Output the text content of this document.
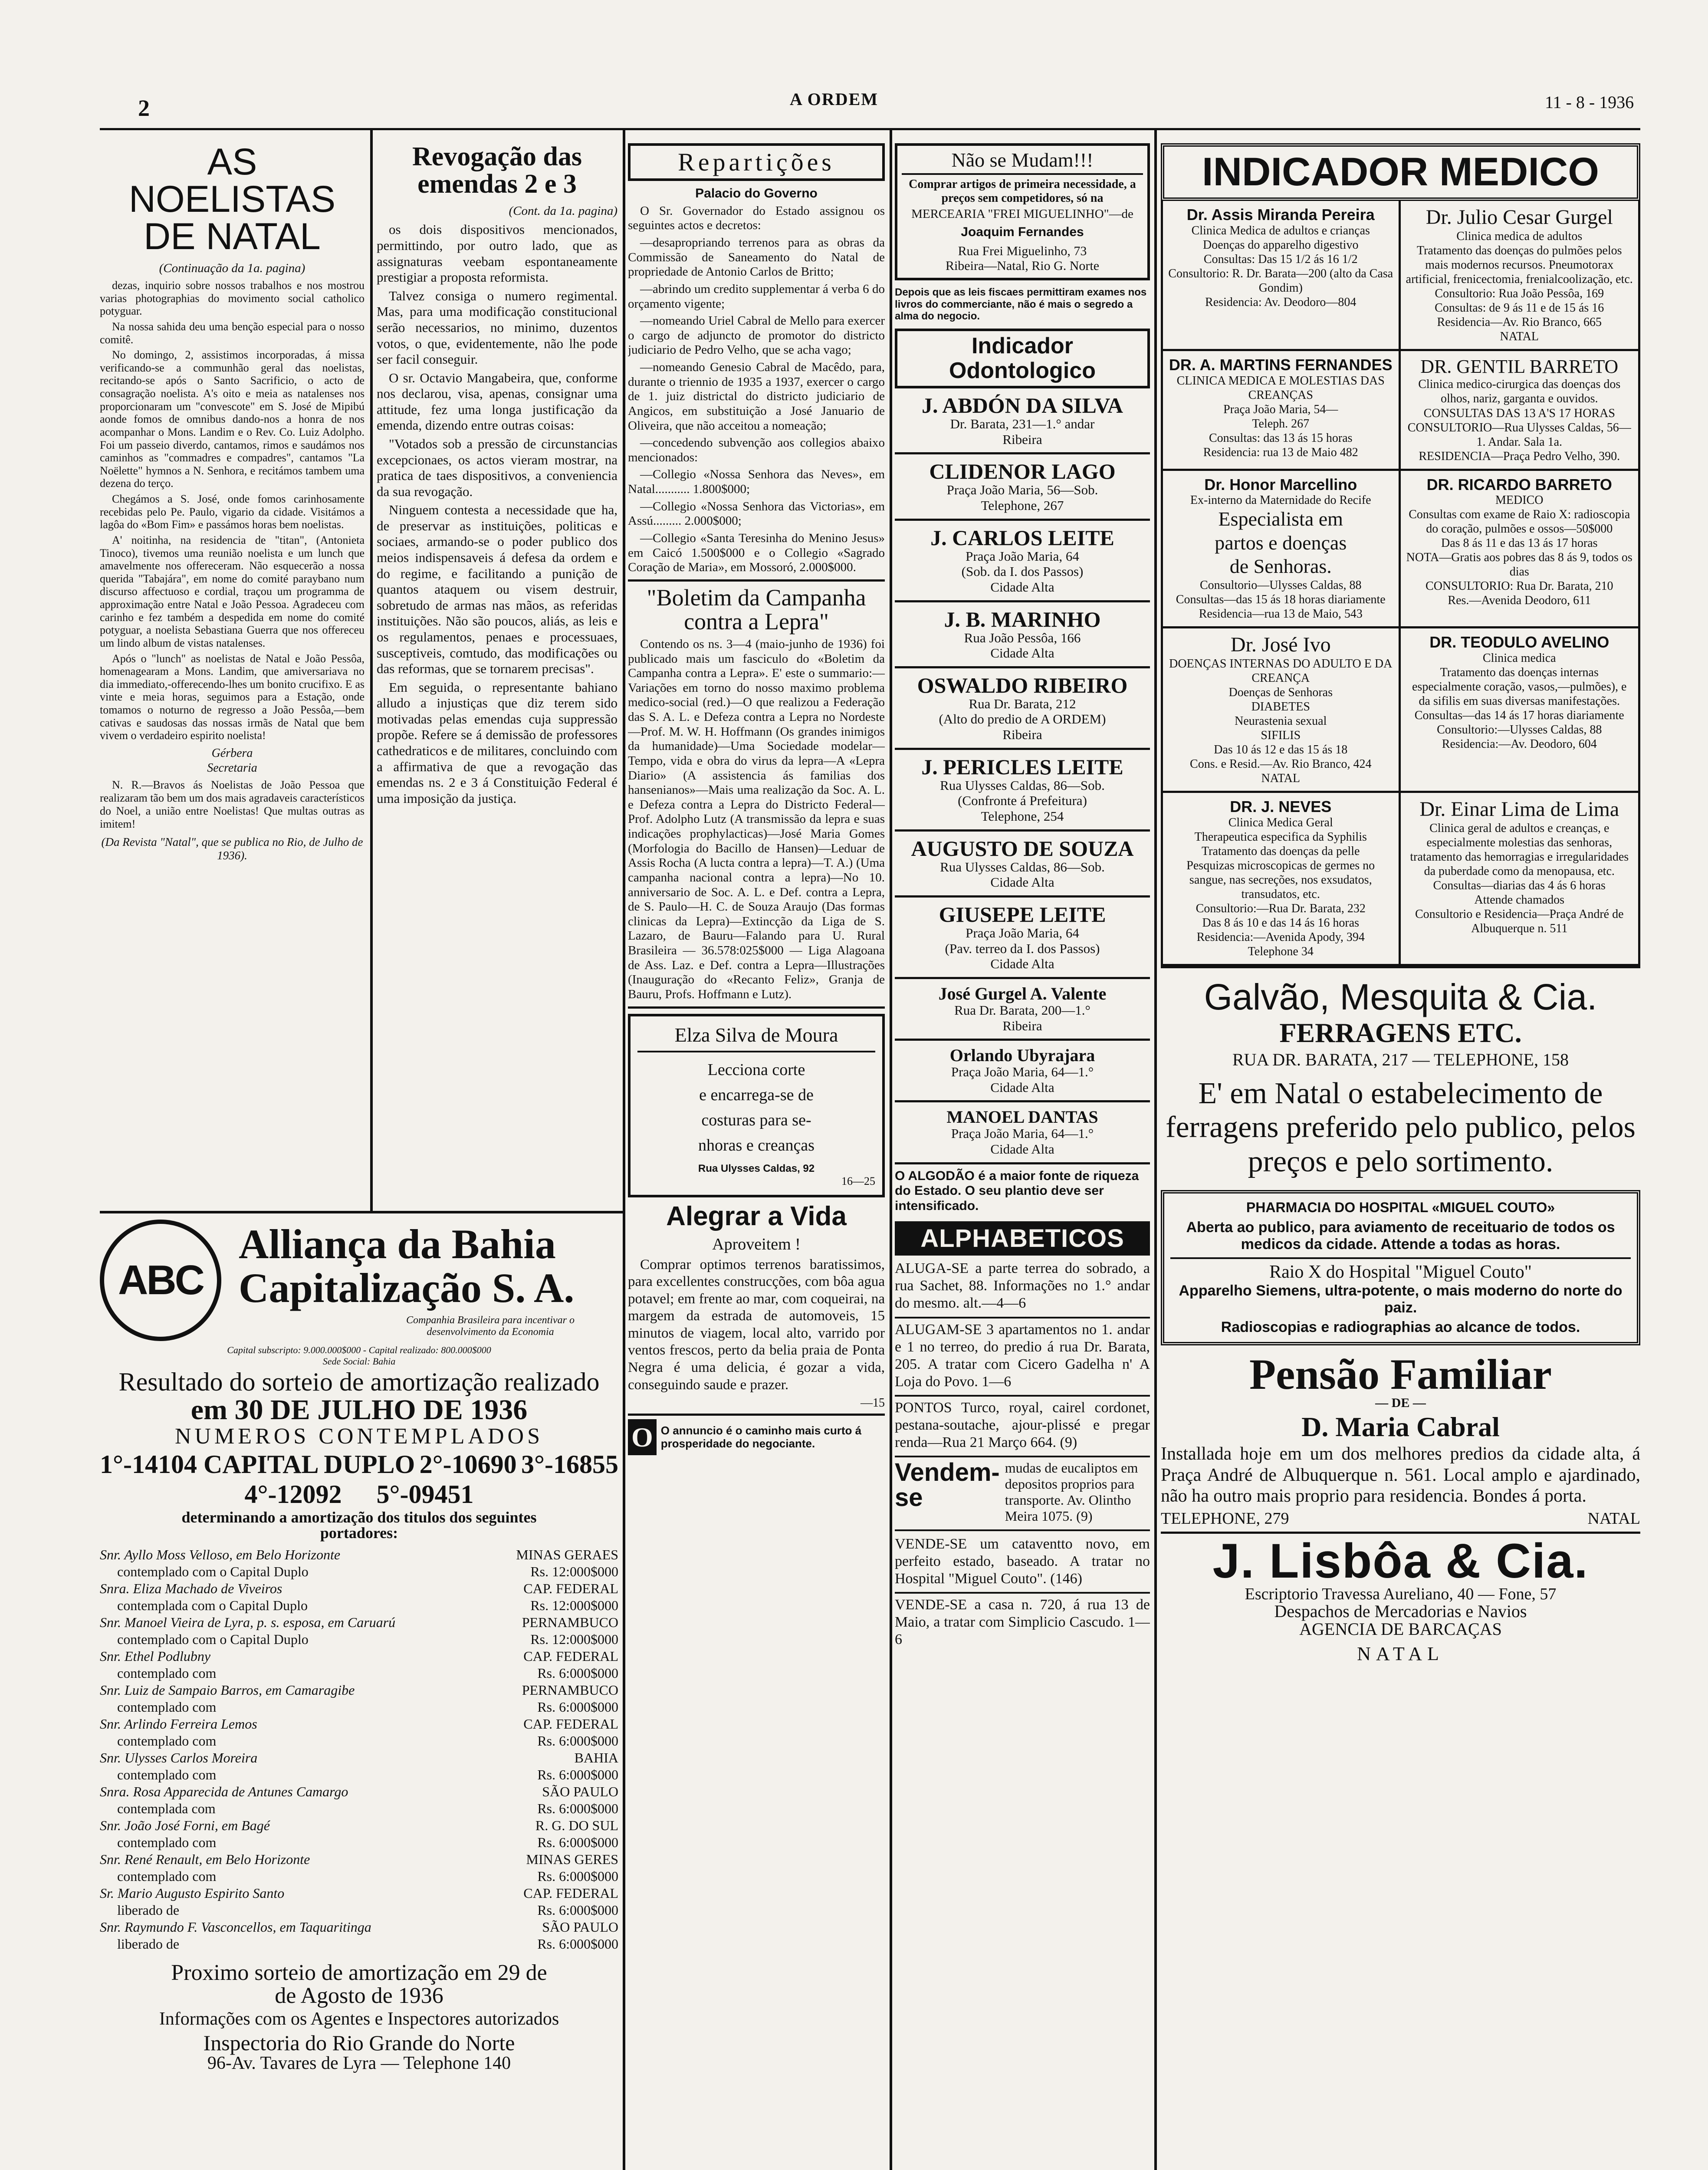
2	A ORDEM	11 - 8 - 1936
AS NOELISTAS DE NATAL
(Continuação da 1a. pagina)

dezas, inquirio sobre nossos trabalhos e nos mostrou varias photographias do movimento social catholico potyguar.

Na nossa sahida deu uma benção especial para o nosso comitê.

No domingo, 2, assistimos incorporadas, á missa verificando-se a communhão geral das noelistas, recitando-se após o Santo Sacrificio, o acto de consagração noelista. A's oito e meia as natalenses nos proporcionaram um "convescote" em S. José de Mipibú aonde fomos de omnibus dando-nos a honra de nos acompanhar o Mons. Landim e o Rev. Co. Luiz Adolpho. Foi um passeio diverdo, cantamos, rimos e saudámos nos caminhos as "commadres e compadres", cantamos "La Noëlette" hymnos a N. Senhora, e recitámos tambem uma dezena do terço.

Chegámos a S. José, onde fomos carinhosamente recebidas pelo Pe. Paulo, vigario da cidade. Visitámos a lagôa do «Bom Fim» e passámos horas bem noelistas.

A' noitinha, na residencia de "titan", (Antonieta Tinoco), tivemos uma reunião noelista e um lunch que amavelmente nos offereceram. Não esquecerão a nossa querida "Tabajára", em nome do comité paraybano num discurso affectuoso e cordial, traçou um programma de approximação entre Natal e João Pessoa. Agradeceu com carinho e fez também a despedida em nome do comité potyguar, a noelista Sebastiana Guerra que nos offereceu um lindo album de vistas natalenses.

Após o "lunch" as noelistas de Natal e João Pessôa, homenagearam a Mons. Landim, que amiversariava no dia immediato,-offerecendo-lhes um bonito crucifixo. E as vinte e meia horas, seguimos para a Estação, onde tomamos o noturno de regresso a João Pessôa,—bem cativas e saudosas das nossas irmãs de Natal que bem vivem o verdadeiro espirito noelista!

Gérbera
Secretaria

N. R.—Bravos ás Noelistas de João Pessoa que realizaram tão bem um dos mais agradaveis característicos do Noel, a união entre Noelistas! Que multas outras as imitem!

(Da Revista "Natal", que se publica no Rio, de Julho de 1936).
Revogação das emendas 2 e 3
(Cont. da 1a. pagina)

os dois dispositivos mencionados, permittindo, por outro lado, que as assignaturas veebam espontaneamente prestigiar a proposta reformista.

Talvez consiga o numero regimental. Mas, para uma modificação constitucional serão necessarios, no minimo, duzentos votos, o que, evidentemente, não lhe pode ser facil conseguir.

O sr. Octavio Mangabeira, que, conforme nos declarou, visa, apenas, consignar uma attitude, fez uma longa justificação da emenda, dizendo entre outras coisas:

"Votados sob a pressão de circunstancias excepcionaes, os actos vieram mostrar, na pratica de taes dispositivos, a conveniencia da sua revogação.

Ninguem contesta a necessidade que ha, de preservar as instituições, politicas e sociaes, armando-se o poder publico dos meios indispensaveis á defesa da ordem e do regime, e facilitando a punição de quantos ataquem ou visem destruir, sobretudo de armas nas mãos, as referidas instituições. Não são poucos, aliás, as leis e os regulamentos, penaes e processuaes, susceptiveis, comtudo, das modificações ou das reformas, que se tornarem precisas".

Em seguida, o representante bahiano alludo a injustiças que diz terem sido motivadas pelas emendas cuja suppressão propõe. Refere se á demissão de professores cathedraticos e de militares, concluindo com a affirmativa de que a revogação das emendas ns. 2 e 3 á Constituição Federal é uma imposição da justiça.

ABC
Alliança da Bahia
Capitalização S. A.
Companhia Brasileira para incentivar o desenvolvimento da Economia
Capital subscripto: 9.000.000$000 - Capital realizado: 800.000$000
Sede Social: Bahia
Resultado do sorteio de amortização realizado
em 30 DE JULHO DE 1936
NUMEROS CONTEMPLADOS
1°-14104 CAPITAL DUPLO 2°-10690 3°-16855
4°-12092 5°-09451
determinando a amortização dos titulos dos seguintes portadores:
Snr. Ayllo Moss Velloso, em Belo Horizonte	MINAS GERAES
contemplado com o Capital Duplo	Rs. 12:000$000
Snra. Eliza Machado de Viveiros	CAP. FEDERAL
contemplada com o Capital Duplo	Rs. 12:000$000
Snr. Manoel Vieira de Lyra, p. s. esposa, em Caruarú	PERNAMBUCO
contemplado com o Capital Duplo	Rs. 12:000$000
Snr. Ethel Podlubny	CAP. FEDERAL
contemplado com	Rs. 6:000$000
Snr. Luiz de Sampaio Barros, em Camaragibe	PERNAMBUCO
contemplado com	Rs. 6:000$000
Snr. Arlindo Ferreira Lemos	CAP. FEDERAL
contemplado com	Rs. 6:000$000
Snr. Ulysses Carlos Moreira	BAHIA
contemplado com	Rs. 6:000$000
Snra. Rosa Apparecida de Antunes Camargo	SÃO PAULO
contemplada com	Rs. 6:000$000
Snr. João José Forni, em Bagé	R. G. DO SUL
contemplado com	Rs. 6:000$000
Snr. René Renault, em Belo Horizonte	MINAS GERES
contemplado com	Rs. 6:000$000
Sr. Mario Augusto Espirito Santo	CAP. FEDERAL
liberado de	Rs. 6:000$000
Snr. Raymundo F. Vasconcellos, em Taquaritinga	SÃO PAULO
liberado de	Rs. 6:000$000
Proximo sorteio de amortização em 29 de
de Agosto de 1936
Informações com os Agentes e Inspectores autorizados
Inspectoria do Rio Grande do Norte
96-Av. Tavares de Lyra — Telephone 140
Repartições
Palacio do Governo

O Sr. Governador do Estado assignou os seguintes actos e decretos:

—desapropriando terrenos para as obras da Commissão de Saneamento do Natal de propriedade de Antonio Carlos de Britto;

—abrindo um credito supplementar á verba 6 do orçamento vigente;

—nomeando Uriel Cabral de Mello para exercer o cargo de adjuncto de promotor do districto judiciario de Pedro Velho, que se acha vago;

—nomeando Genesio Cabral de Macêdo, para, durante o triennio de 1935 a 1937, exercer o cargo de 1. juiz districtal do districto judiciario de Angicos, em substituição a José Januario de Oliveira, que não acceitou a nomeação;

—concedendo subvenção aos collegios abaixo mencionados:

—Collegio «Nossa Senhora das Neves», em Natal........... 1.800$000;

—Collegio «Nossa Senhora das Victorias», em Assú......... 2.000$000;

—Collegio «Santa Teresinha do Menino Jesus» em Caicó 1.500$000 e o Collegio «Sagrado Coração de Maria», em Mossoró, 2.000$000.

"Boletim da Campanha contra a Lepra"

Contendo os ns. 3—4 (maio-junho de 1936) foi publicado mais um fasciculo do «Boletim da Campanha contra a Lepra». E' este o summario:—Variações em torno do nosso maximo problema medico-social (red.)—O que realizou a Federação das S. A. L. e Defeza contra a Lepra no Nordeste—Prof. M. W. H. Hoffmann (Os grandes inimigos da humanidade)—Uma Sociedade modelar—Tempo, vida e obra do virus da lepra—A «Lepra Diario» (A assistencia ás familias dos hansenianos»—Mais uma realização da Soc. A. L. e Defeza contra a Lepra do Districto Federal—Prof. Adolpho Lutz (A transmissão da lepra e suas indicações prophylacticas)—José Maria Gomes (Morfologia do Bacillo de Hansen)—Leduar de Assis Rocha (A lucta contra a lepra)—T. A.) (Uma campanha nacional contra a lepra)—No 10. anniversario de Soc. A. L. e Def. contra a Lepra, de S. Paulo—H. C. de Souza Araujo (Das formas clinicas da Lepra)—Extincção da Liga de S. Lazaro, de Bauru—Falando para U. Rural Brasileira — 36.578:025$000 — Liga Alagoana de Ass. Laz. e Def. contra a Lepra—Illustrações (Inauguração do «Recanto Feliz», Granja de Bauru, Profs. Hoffmann e Lutz).

Elza Silva de Moura
Lecciona corte
e encarrega-se de
costuras para se-
nhoras e creanças
Rua Ulysses Caldas, 92
16—25
Alegrar a Vida
Aproveitem !

Comprar optimos terrenos baratissimos, para excellentes construcções, com bôa agua potavel; em frente ao mar, com coqueirai, na margem da estrada de automoveis, 15 minutos de viagem, local alto, varrido por ventos frescos, perto da belia praia de Ponta Negra é uma delicia, é gozar a vida, conseguindo saude e prazer.

—15
O O annuncio é o caminho mais curto á prosperidade do negociante.
Não se Mudam!!!
Comprar artigos de primeira necessidade, a preços sem competidores, só na
MERCEARIA "FREI MIGUELINHO"—de
Joaquim Fernandes
Rua Frei Miguelinho, 73
Ribeira—Natal, Rio G. Norte
Depois que as leis fiscaes permittiram exames nos livros do commerciante, não é mais o segredo a alma do negocio.
Indicador
Odontologico
J. ABDÓN DA SILVA
Dr. Barata, 231—1.° andar
Ribeira
CLIDENOR LAGO
Praça João Maria, 56—Sob.
Telephone, 267
J. CARLOS LEITE
Praça João Maria, 64
(Sob. da I. dos Passos)
Cidade Alta
J. B. MARINHO
Rua João Pessôa, 166
Cidade Alta
OSWALDO RIBEIRO
Rua Dr. Barata, 212
(Alto do predio de A ORDEM)
Ribeira
J. PERICLES LEITE
Rua Ulysses Caldas, 86—Sob.
(Confronte á Prefeitura)
Telephone, 254
AUGUSTO DE SOUZA
Rua Ulysses Caldas, 86—Sob.
Cidade Alta
GIUSEPE LEITE
Praça João Maria, 64
(Pav. terreo da I. dos Passos)
Cidade Alta
José Gurgel A. Valente
Rua Dr. Barata, 200—1.°
Ribeira
Orlando Ubyrajara
Praça João Maria, 64—1.°
Cidade Alta
MANOEL DANTAS
Praça João Maria, 64—1.°
Cidade Alta
O ALGODÃO é a maior fonte de riqueza do Estado. O seu plantio deve ser intensificado.
ALPHABETICOS

ALUGA-SE a parte terrea do sobrado, a rua Sachet, 88. Informações no 1.° andar do mesmo. alt.—4—6

ALUGAM-SE 3 apartamentos no 1. andar e 1 no terreo, do predio á rua Dr. Barata, 205. A tratar com Cicero Gadelha n' A Loja do Povo. 1—6

PONTOS Turco, royal, cairel cordonet, pestana-soutache, ajour-plissé e pregar renda—Rua 21 Março 664. (9)

Vendem-se
mudas de eucaliptos em depositos proprios para transporte. Av. Olintho Meira 1075. (9)

VENDE-SE um cataventto novo, em perfeito estado, baseado. A tratar no Hospital "Miguel Couto". (146)

VENDE-SE a casa n. 720, á rua 13 de Maio, a tratar com Simplicio Cascudo. 1—6

INDICADOR MEDICO
Dr. Assis Miranda Pereira
Clinica Medica de adultos e crianças
Doenças do apparelho digestivo
Consultas: Das 15 1/2 ás 16 1/2
Consultorio: R. Dr. Barata—200 (alto da Casa Gondim)
Residencia: Av. Deodoro—804
Dr. Julio Cesar Gurgel
Clinica medica de adultos
Tratamento das doenças do pulmões pelos mais modernos recursos. Pneumotorax artificial, frenicectomia, frenialcoolização, etc.
Consultorio: Rua João Pessôa, 169
Consultas: de 9 ás 11 e de 15 ás 16
Residencia—Av. Rio Branco, 665
NATAL
DR. A. MARTINS FERNANDES
CLINICA MEDICA E MOLESTIAS DAS CREANÇAS
Praça João Maria, 54—
Teleph. 267
Consultas: das 13 ás 15 horas
Residencia: rua 13 de Maio 482
DR. GENTIL BARRETO
Clinica medico-cirurgica das doenças dos olhos, nariz, garganta e ouvidos.
CONSULTAS DAS 13 A'S 17 HORAS
CONSULTORIO—Rua Ulysses Caldas, 56—1. Andar. Sala 1a.
RESIDENCIA—Praça Pedro Velho, 390.
Dr. Honor Marcellino
Ex-interno da Maternidade do Recife
Especialista em
partos e doenças
de Senhoras.
Consultorio—Ulysses Caldas, 88
Consultas—das 15 ás 18 horas diariamente
Residencia—rua 13 de Maio, 543
DR. RICARDO BARRETO
MEDICO
Consultas com exame de Raio X: radioscopia do coração, pulmões e ossos—50$000
Das 8 ás 11 e das 13 ás 17 horas
NOTA—Gratis aos pobres das 8 ás 9, todos os dias
CONSULTORIO: Rua Dr. Barata, 210
Res.—Avenida Deodoro, 611
Dr. José Ivo
DOENÇAS INTERNAS DO ADULTO E DA CREANÇA
Doenças de Senhoras
DIABETES
Neurastenia sexual
SIFILIS
Das 10 ás 12 e das 15 ás 18
Cons. e Resid.—Av. Rio Branco, 424
NATAL
DR. TEODULO AVELINO
Clinica medica
Tratamento das doenças internas especialmente coração, vasos,—pulmões), e da sifilis em suas diversas manifestações.
Consultas—das 14 ás 17 horas diariamente
Consultorio:—Ulysses Caldas, 88
Residencia:—Av. Deodoro, 604
DR. J. NEVES
Clinica Medica Geral
Therapeutica especifica da Syphilis
Tratamento das doenças da pelle
Pesquizas microscopicas de germes no sangue, nas secreções, nos exsudatos, transudatos, etc.
Consultorio:—Rua Dr. Barata, 232
Das 8 ás 10 e das 14 ás 16 horas
Residencia:—Avenida Apody, 394
Telephone 34
Dr. Einar Lima de Lima
Clinica geral de adultos e creanças, e especialmente molestias das senhoras, tratamento das hemorragias e irregularidades da puberdade como da menopausa, etc.
Consultas—diarias das 4 ás 6 horas
Attende chamados
Consultorio e Residencia—Praça André de Albuquerque n. 511
Galvão, Mesquita & Cia.
FERRAGENS ETC.
RUA DR. BARATA, 217 — TELEPHONE, 158
E' em Natal o estabelecimento de ferragens preferido pelo publico, pelos preços e pelo sortimento.
PHARMACIA DO HOSPITAL «MIGUEL COUTO»
Aberta ao publico, para aviamento de receituario de todos os medicos da cidade. Attende a todas as horas.
Raio X do Hospital "Miguel Couto"
Apparelho Siemens, ultra-potente, o mais moderno do norte do paiz.
Radioscopias e radiographias ao alcance de todos.
Pensão Familiar
— DE —
D. Maria Cabral

Installada hoje em um dos melhores predios da cidade alta, á Praça André de Albuquerque n. 561. Local amplo e ajardinado, não ha outro mais proprio para residencia. Bondes á porta.

TELEPHONE, 279	NATAL
J. Lisbôa & Cia.
Escriptorio Travessa Aureliano, 40 — Fone, 57
Despachos de Mercadorias e Navios
AGENCIA DE BARCAÇAS
NATAL
